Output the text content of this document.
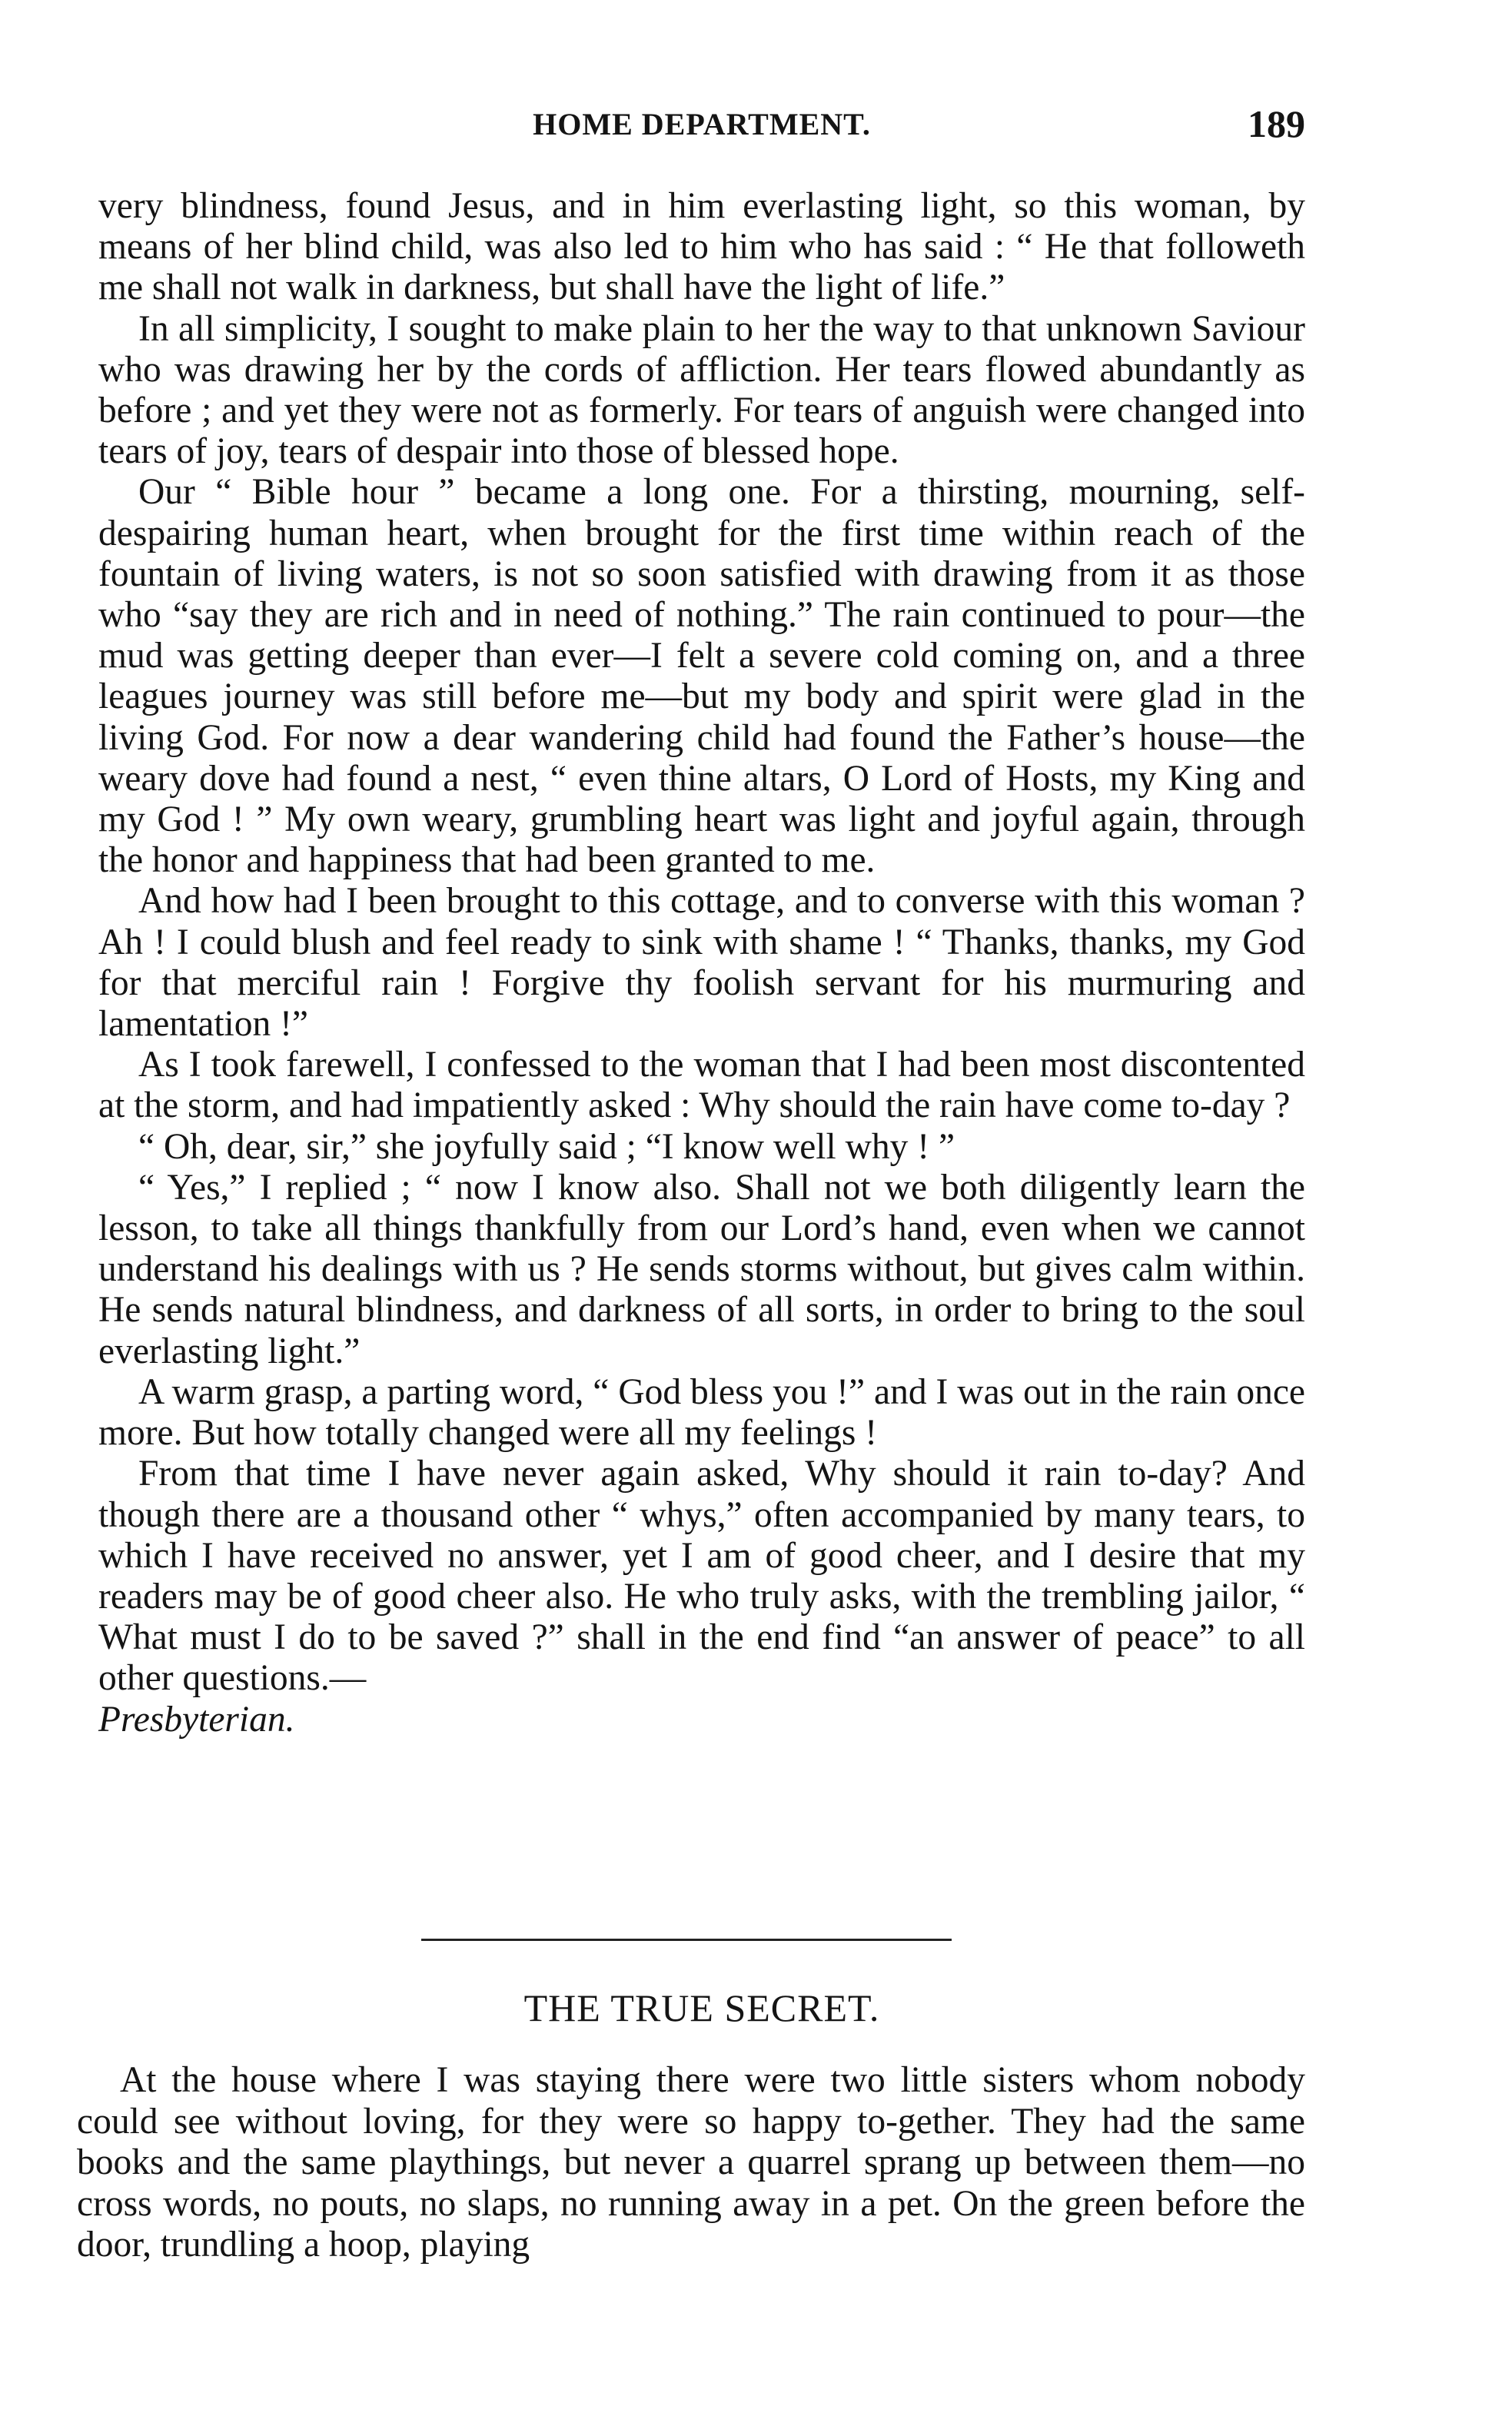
HOME DEPARTMENT.	189

very blindness, found Jesus, and in him everlasting light, so this woman, by means of her blind child, was also led to him who has said : “ He that followeth me shall not walk in darkness, but shall have the light of life.”

In all simplicity, I sought to make plain to her the way to that unknown Saviour who was drawing her by the cords of affliction. Her tears flowed abundantly as before ; and yet they were not as formerly. For tears of anguish were changed into tears of joy, tears of despair into those of blessed hope.

Our “ Bible hour ” became a long one. For a thirsting, mourning, self-despairing human heart, when brought for the first time within reach of the fountain of living waters, is not so soon satisfied with drawing from it as those who “say they are rich and in need of nothing.” The rain continued to pour—the mud was getting deeper than ever—I felt a severe cold coming on, and a three leagues journey was still before me—but my body and spirit were glad in the living God. For now a dear wandering child had found the Father’s house—the weary dove had found a nest, “ even thine altars, O Lord of Hosts, my King and my God ! ” My own weary, grumbling heart was light and joyful again, through the honor and happiness that had been granted to me.

And how had I been brought to this cottage, and to converse with this woman ? Ah ! I could blush and feel ready to sink with shame ! “ Thanks, thanks, my God for that merciful rain ! Forgive thy foolish servant for his murmuring and lamentation !”

As I took farewell, I confessed to the woman that I had been most discontented at the storm, and had impatiently asked : Why should the rain have come to-day ?

“ Oh, dear, sir,” she joyfully said ; “I know well why ! ”

“ Yes,” I replied ; “ now I know also. Shall not we both diligently learn the lesson, to take all things thankfully from our Lord’s hand, even when we cannot understand his dealings with us ? He sends storms without, but gives calm within. He sends natural blindness, and darkness of all sorts, in order to bring to the soul everlasting light.”

A warm grasp, a parting word, “ God bless you !” and I was out in the rain once more. But how totally changed were all my feelings !

From that time I have never again asked, Why should it rain to-day? And though there are a thousand other “ whys,” often accompanied by many tears, to which I have received no answer, yet I am of good cheer, and I desire that my readers may be of good cheer also. He who truly asks, with the trembling jailor, “ What must I do to be saved ?” shall in the end find “an answer of peace” to all other questions.—

Presbyterian.

THE TRUE SECRET.

At the house where I was staying there were two little sisters whom nobody could see without loving, for they were so happy to-gether. They had the same books and the same playthings, but never a quarrel sprang up between them—no cross words, no pouts, no slaps, no running away in a pet. On the green before the door, trundling a hoop, playing
